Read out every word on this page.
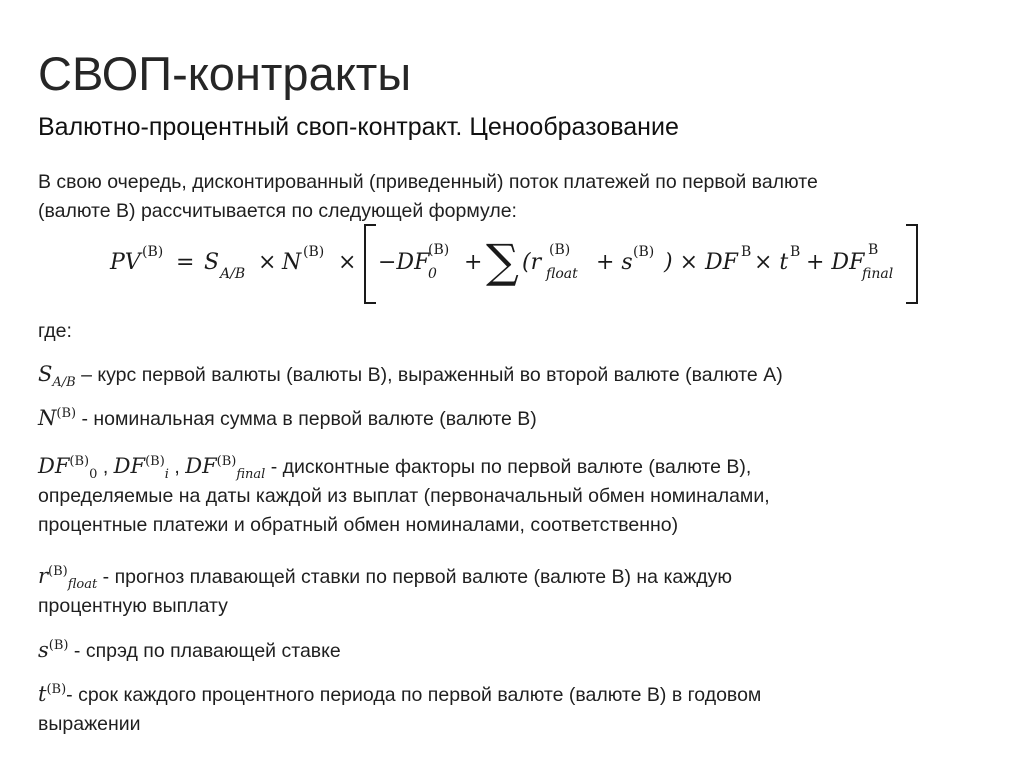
СВОП-контракты
Валютно-процентный своп-контракт. Ценообразование
В свою очередь, дисконтированный (приведенный) поток платежей по первой валюте
(валюте В) рассчитывается по следующей формуле:
PV (B) = S A/B × N (B) × −DF
(B)
0 + ∑ (r (B)
float + s (B) ) × DF B × t B + DF B
final
где:
$S_{A/B}$ – курс первой валюты (валюты В), выраженный во второй валюте (валюте А)
$N^{(B)}$ - номинальная сумма в первой валюте (валюте В)
$DF^{(B)}_0$ , $DF^{(B)}_i$ , $DF^{(B)}_{final}$ - дисконтные факторы по первой валюте (валюте В),
определяемые на даты каждой из выплат (первоначальный обмен номиналами,
процентные платежи и обратный обмен номиналами, соответственно)
$r^{(B)}_{float}$ - прогноз плавающей ставки по первой валюте (валюте В) на каждую
процентную выплату
$s^{(B)}$ - спрэд по плавающей ставке
$t^{(B)}-$ срок каждого процентного периода по первой валюте (валюте В) в годовом
выражении
